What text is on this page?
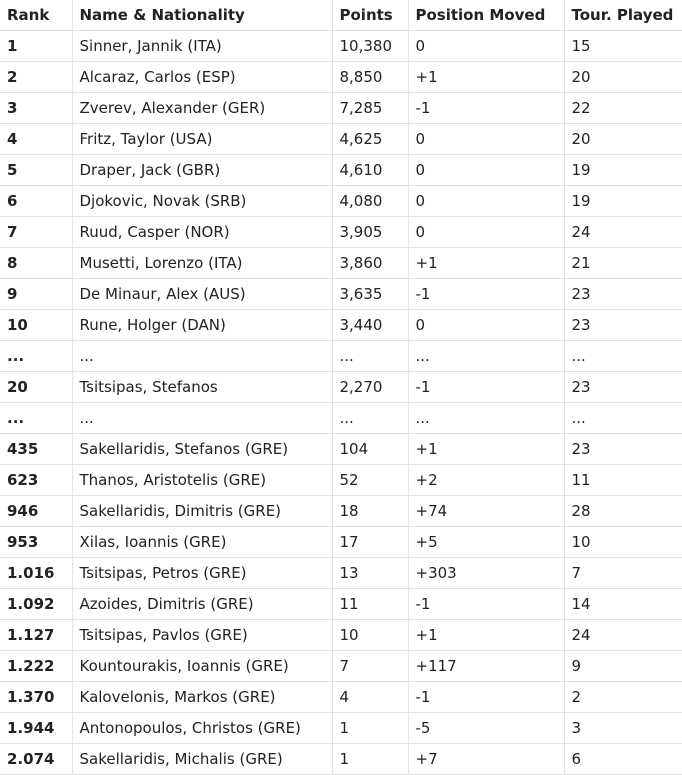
Rank	Name & Nationality	Points	Position Moved	Tour. Played
1	Sinner, Jannik (ITA)	10,380	0	15
2	Alcaraz, Carlos (ESP)	8,850	+1	20
3	Zverev, Alexander (GER)	7,285	-1	22
4	Fritz, Taylor (USA)	4,625	0	20
5	Draper, Jack (GBR)	4,610	0	19
6	Djokovic, Novak (SRB)	4,080	0	19
7	Ruud, Casper (NOR)	3,905	0	24
8	Musetti, Lorenzo (ITA)	3,860	+1	21
9	De Minaur, Alex (AUS)	3,635	-1	23
10	Rune, Holger (DAN)	3,440	0	23
...	...	...	...	...
20	Tsitsipas, Stefanos	2,270	-1	23
...	...	...	...	...
435	Sakellaridis, Stefanos (GRE)	104	+1	23
623	Thanos, Aristotelis (GRE)	52	+2	11
946	Sakellaridis, Dimitris (GRE)	18	+74	28
953	Xilas, Ioannis (GRE)	17	+5	10
1.016	Tsitsipas, Petros (GRE)	13	+303	7
1.092	Azoides, Dimitris (GRE)	11	-1	14
1.127	Tsitsipas, Pavlos (GRE)	10	+1	24
1.222	Kountourakis, Ioannis (GRE)	7	+117	9
1.370	Kalovelonis, Markos (GRE)	4	-1	2
1.944	Antonopoulos, Christos (GRE)	1	-5	3
2.074	Sakellaridis, Michalis (GRE)	1	+7	6
